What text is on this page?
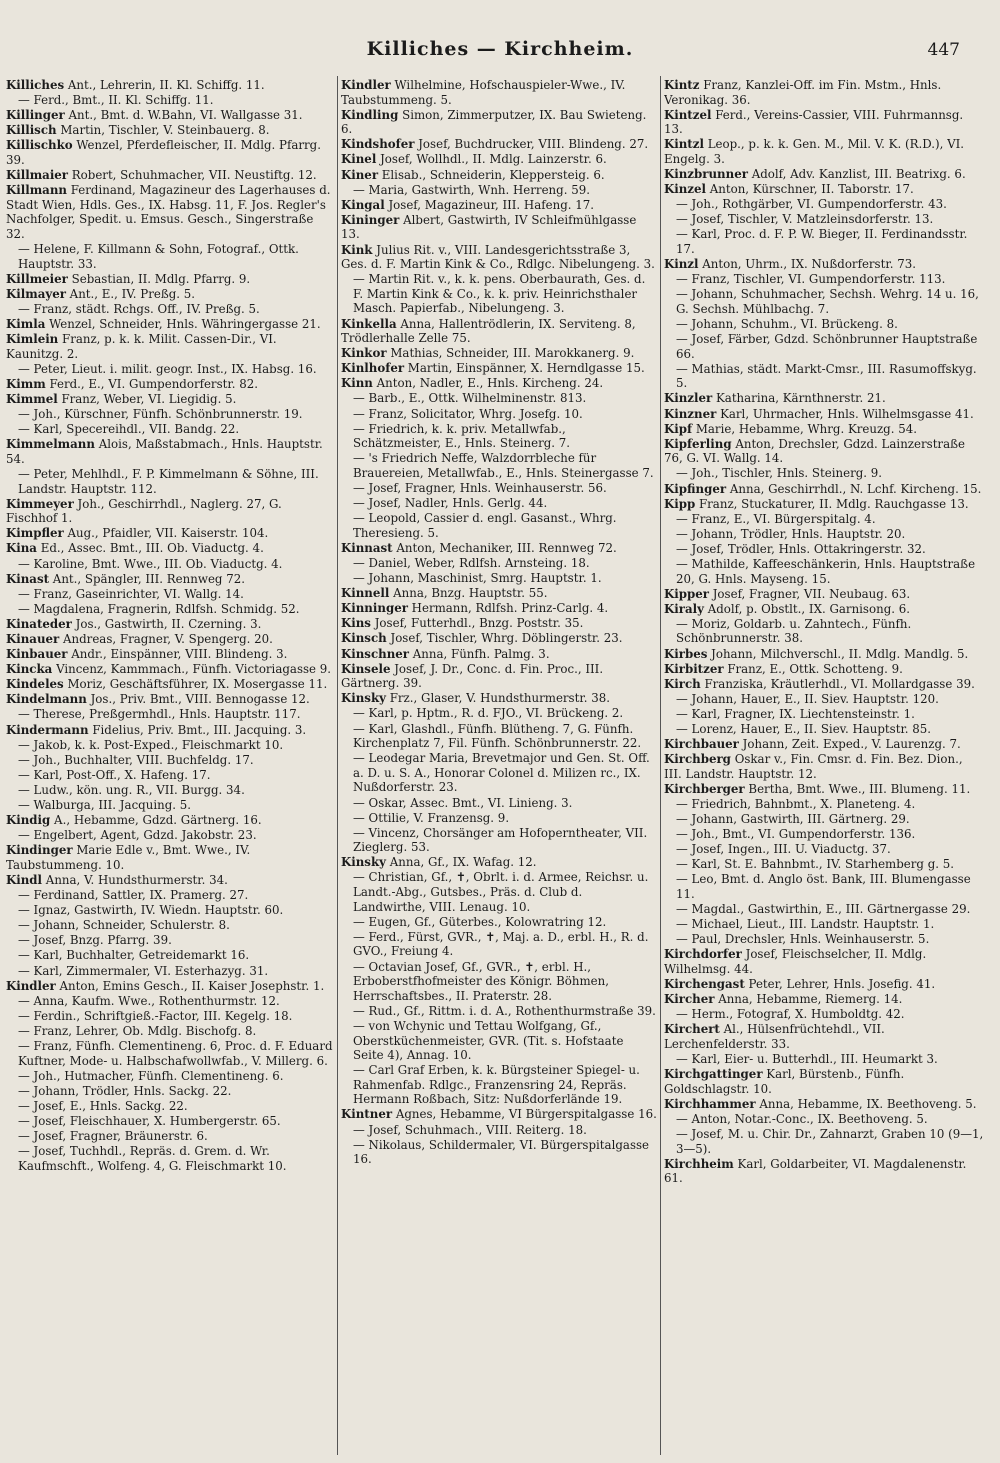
Killiches — Kirchheim.	447
Killiches Ant., Lehrerin, II. Kl. Schiffg. 11.
— Ferd., Bmt., II. Kl. Schiffg. 11.
Killinger Ant., Bmt. d. W.Bahn, VI. Wallgasse 31.
Killisch Martin, Tischler, V. Steinbauerg. 8.
Killischko Wenzel, Pferdefleischer, II. Mdlg. Pfarrg. 39.
Killmaier Robert, Schuhmacher, VII. Neustiftg. 12.
Killmann Ferdinand, Magazineur des Lagerhauses d. Stadt Wien, Hdls. Ges., IX. Habsg. 11, F. Jos. Regler's Nachfolger, Spedit. u. Emsus. Gesch., Singerstraße 32.
— Helene, F. Killmann & Sohn, Fotograf., Ottk. Hauptstr. 33.
Killmeier Sebastian, II. Mdlg. Pfarrg. 9.
Kilmayer Ant., E., IV. Preßg. 5.
— Franz, städt. Rchgs. Off., IV. Preßg. 5.
Kimla Wenzel, Schneider, Hnls. Währingergasse 21.
Kimlein Franz, p. k. k. Milit. Cassen-Dir., VI. Kaunitzg. 2.
— Peter, Lieut. i. milit. geogr. Inst., IX. Habsg. 16.
Kimm Ferd., E., VI. Gumpendorferstr. 82.
Kimmel Franz, Weber, VI. Liegidig. 5.
— Joh., Kürschner, Fünfh. Schönbrunnerstr. 19.
— Karl, Specereihdl., VII. Bandg. 22.
Kimmelmann Alois, Maßstabmach., Hnls. Hauptstr. 54.
— Peter, Mehlhdl., F. P. Kimmelmann & Söhne, III. Landstr. Hauptstr. 112.
Kimmeyer Joh., Geschirrhdl., Naglerg. 27, G. Fischhof 1.
Kimpfler Aug., Pfaidler, VII. Kaiserstr. 104.
Kina Ed., Assec. Bmt., III. Ob. Viaductg. 4.
— Karoline, Bmt. Wwe., III. Ob. Viaductg. 4.
Kinast Ant., Spängler, III. Rennweg 72.
— Franz, Gaseinrichter, VI. Wallg. 14.
— Magdalena, Fragnerin, Rdlfsh. Schmidg. 52.
Kinateder Jos., Gastwirth, II. Czerning. 3.
Kinauer Andreas, Fragner, V. Spengerg. 20.
Kinbauer Andr., Einspänner, VIII. Blindeng. 3.
Kincka Vincenz, Kammmach., Fünfh. Victoriagasse 9.
Kindeles Moriz, Geschäftsführer, IX. Mosergasse 11.
Kindelmann Jos., Priv. Bmt., VIII. Bennogasse 12.
— Therese, Preßgermhdl., Hnls. Hauptstr. 117.
Kindermann Fidelius, Priv. Bmt., III. Jacquing. 3.
— Jakob, k. k. Post-Exped., Fleischmarkt 10.
— Joh., Buchhalter, VIII. Buchfeldg. 17.
— Karl, Post-Off., X. Hafeng. 17.
— Ludw., kön. ung. R., VII. Burgg. 34.
— Walburga, III. Jacquing. 5.
Kindig A., Hebamme, Gdzd. Gärtnerg. 16.
— Engelbert, Agent, Gdzd. Jakobstr. 23.
Kindinger Marie Edle v., Bmt. Wwe., IV. Taubstummeng. 10.
Kindl Anna, V. Hundsthurmerstr. 34.
— Ferdinand, Sattler, IX. Pramerg. 27.
— Ignaz, Gastwirth, IV. Wiedn. Hauptstr. 60.
— Johann, Schneider, Schulerstr. 8.
— Josef, Bnzg. Pfarrg. 39.
— Karl, Buchhalter, Getreidemarkt 16.
— Karl, Zimmermaler, VI. Esterhazyg. 31.
Kindler Anton, Emins Gesch., II. Kaiser Josephstr. 1.
— Anna, Kaufm. Wwe., Rothenthurmstr. 12.
— Ferdin., Schriftgieß.-Factor, III. Kegelg. 18.
— Franz, Lehrer, Ob. Mdlg. Bischofg. 8.
— Franz, Fünfh. Clementineng. 6, Proc. d. F. Eduard Kuftner, Mode- u. Halbschafwollwfab., V. Millerg. 6.
— Joh., Hutmacher, Fünfh. Clementineng. 6.
— Johann, Trödler, Hnls. Sackg. 22.
— Josef, E., Hnls. Sackg. 22.
— Josef, Fleischhauer, X. Humbergerstr. 65.
— Josef, Fragner, Bräunerstr. 6.
— Josef, Tuchhdl., Repräs. d. Grem. d. Wr. Kaufmschft., Wolfeng. 4, G. Fleischmarkt 10.
Kindler Wilhelmine, Hofschauspieler-Wwe., IV. Taubstummeng. 5.
Kindling Simon, Zimmerputzer, IX. Bau Swieteng. 6.
Kindshofer Josef, Buchdrucker, VIII. Blindeng. 27.
Kinel Josef, Wollhdl., II. Mdlg. Lainzerstr. 6.
Kiner Elisab., Schneiderin, Kleppersteig. 6.
— Maria, Gastwirth, Wnh. Herreng. 59.
Kingal Josef, Magazineur, III. Hafeng. 17.
Kininger Albert, Gastwirth, IV Schleifmühlgasse 13.
Kink Julius Rit. v., VIII. Landesgerichtsstraße 3, Ges. d. F. Martin Kink & Co., Rdlgc. Nibelungeng. 3.
— Martin Rit. v., k. k. pens. Oberbaurath, Ges. d. F. Martin Kink & Co., k. k. priv. Heinrichsthaler Masch. Papierfab., Nibelungeng. 3.
Kinkella Anna, Hallentrödlerin, IX. Serviteng. 8, Trödlerhalle Zelle 75.
Kinkor Mathias, Schneider, III. Marokkanerg. 9.
Kinlhofer Martin, Einspänner, X. Herndlgasse 15.
Kinn Anton, Nadler, E., Hnls. Kircheng. 24.
— Barb., E., Ottk. Wilhelminenstr. 813.
— Franz, Solicitator, Whrg. Josefg. 10.
— Friedrich, k. k. priv. Metallwfab., Schätzmeister, E., Hnls. Steinerg. 7.
— 's Friedrich Neffe, Walzdorrbleche für Brauereien, Metallwfab., E., Hnls. Steinergasse 7.
— Josef, Fragner, Hnls. Weinhauserstr. 56.
— Josef, Nadler, Hnls. Gerlg. 44.
— Leopold, Cassier d. engl. Gasanst., Whrg. Theresieng. 5.
Kinnast Anton, Mechaniker, III. Rennweg 72.
— Daniel, Weber, Rdlfsh. Arnsteing. 18.
— Johann, Maschinist, Smrg. Hauptstr. 1.
Kinnell Anna, Bnzg. Hauptstr. 55.
Kinninger Hermann, Rdlfsh. Prinz-Carlg. 4.
Kins Josef, Futterhdl., Bnzg. Poststr. 35.
Kinsch Josef, Tischler, Whrg. Döblingerstr. 23.
Kinschner Anna, Fünfh. Palmg. 3.
Kinsele Josef, J. Dr., Conc. d. Fin. Proc., III. Gärtnerg. 39.
Kinsky Frz., Glaser, V. Hundsthurmerstr. 38.
— Karl, p. Hptm., R. d. FJO., VI. Brückeng. 2.
— Karl, Glashdl., Fünfh. Blütheng. 7, G. Fünfh. Kirchenplatz 7, Fil. Fünfh. Schönbrunnerstr. 22.
— Leodegar Maria, Brevetmajor und Gen. St. Off. a. D. u. S. A., Honorar Colonel d. Milizen rc., IX. Nußdorferstr. 23.
— Oskar, Assec. Bmt., VI. Linieng. 3.
— Ottilie, V. Franzensg. 9.
— Vincenz, Chorsänger am Hofoperntheater, VII. Zieglerg. 53.
Kinsky Anna, Gf., IX. Wafag. 12.
— Christian, Gf., ✝, Obrlt. i. d. Armee, Reichsr. u. Landt.-Abg., Gutsbes., Präs. d. Club d. Landwirthe, VIII. Lenaug. 10.
— Eugen, Gf., Güterbes., Kolowratring 12.
— Ferd., Fürst, GVR., ✝, Maj. a. D., erbl. H., R. d. GVO., Freiung 4.
— Octavian Josef, Gf., GVR., ✝, erbl. H., Erboberstfhofmeister des Königr. Böhmen, Herrschaftsbes., II. Praterstr. 28.
— Rud., Gf., Rittm. i. d. A., Rothenthurmstraße 39.
— von Wchynic und Tettau Wolfgang, Gf., Oberstküchenmeister, GVR. (Tit. s. Hofstaate Seite 4), Annag. 10.
— Carl Graf Erben, k. k. Bürgsteiner Spiegel- u. Rahmenfab. Rdlgc., Franzensring 24, Repräs. Hermann Roßbach, Sitz: Nußdorferlände 19.
Kintner Agnes, Hebamme, VI Bürgerspitalgasse 16.
— Josef, Schuhmach., VIII. Reiterg. 18.
— Nikolaus, Schildermaler, VI. Bürgerspitalgasse 16.
Kintz Franz, Kanzlei-Off. im Fin. Mstm., Hnls. Veronikag. 36.
Kintzel Ferd., Vereins-Cassier, VIII. Fuhrmannsg. 13.
Kintzl Leop., p. k. k. Gen. M., Mil. V. K. (R.D.), VI. Engelg. 3.
Kinzbrunner Adolf, Adv. Kanzlist, III. Beatrixg. 6.
Kinzel Anton, Kürschner, II. Taborstr. 17.
— Joh., Rothgärber, VI. Gumpendorferstr. 43.
— Josef, Tischler, V. Matzleinsdorferstr. 13.
— Karl, Proc. d. F. P. W. Bieger, II. Ferdinandsstr. 17.
Kinzl Anton, Uhrm., IX. Nußdorferstr. 73.
— Franz, Tischler, VI. Gumpendorferstr. 113.
— Johann, Schuhmacher, Sechsh. Wehrg. 14 u. 16, G. Sechsh. Mühlbachg. 7.
— Johann, Schuhm., VI. Brückeng. 8.
— Josef, Färber, Gdzd. Schönbrunner Hauptstraße 66.
— Mathias, städt. Markt-Cmsr., III. Rasumoffskyg. 5.
Kinzler Katharina, Kärnthnerstr. 21.
Kinzner Karl, Uhrmacher, Hnls. Wilhelmsgasse 41.
Kipf Marie, Hebamme, Whrg. Kreuzg. 54.
Kipferling Anton, Drechsler, Gdzd. Lainzerstraße 76, G. VI. Wallg. 14.
— Joh., Tischler, Hnls. Steinerg. 9.
Kipfinger Anna, Geschirrhdl., N. Lchf. Kircheng. 15.
Kipp Franz, Stuckaturer, II. Mdlg. Rauchgasse 13.
— Franz, E., VI. Bürgerspitalg. 4.
— Johann, Trödler, Hnls. Hauptstr. 20.
— Josef, Trödler, Hnls. Ottakringerstr. 32.
— Mathilde, Kaffeeschänkerin, Hnls. Hauptstraße 20, G. Hnls. Mayseng. 15.
Kipper Josef, Fragner, VII. Neubaug. 63.
Kiraly Adolf, p. Obstlt., IX. Garnisong. 6.
— Moriz, Goldarb. u. Zahntech., Fünfh. Schönbrunnerstr. 38.
Kirbes Johann, Milchverschl., II. Mdlg. Mandlg. 5.
Kirbitzer Franz, E., Ottk. Schotteng. 9.
Kirch Franziska, Kräutlerhdl., VI. Mollardgasse 39.
— Johann, Hauer, E., II. Siev. Hauptstr. 120.
— Karl, Fragner, IX. Liechtensteinstr. 1.
— Lorenz, Hauer, E., II. Siev. Hauptstr. 85.
Kirchbauer Johann, Zeit. Exped., V. Laurenzg. 7.
Kirchberg Oskar v., Fin. Cmsr. d. Fin. Bez. Dion., III. Landstr. Hauptstr. 12.
Kirchberger Bertha, Bmt. Wwe., III. Blumeng. 11.
— Friedrich, Bahnbmt., X. Planeteng. 4.
— Johann, Gastwirth, III. Gärtnerg. 29.
— Joh., Bmt., VI. Gumpendorferstr. 136.
— Josef, Ingen., III. U. Viaductg. 37.
— Karl, St. E. Bahnbmt., IV. Starhemberg g. 5.
— Leo, Bmt. d. Anglo öst. Bank, III. Blumengasse 11.
— Magdal., Gastwirthin, E., III. Gärtnergasse 29.
— Michael, Lieut., III. Landstr. Hauptstr. 1.
— Paul, Drechsler, Hnls. Weinhauserstr. 5.
Kirchdorfer Josef, Fleischselcher, II. Mdlg. Wilhelmsg. 44.
Kirchengast Peter, Lehrer, Hnls. Josefig. 41.
Kircher Anna, Hebamme, Riemerg. 14.
— Herm., Fotograf, X. Humboldtg. 42.
Kirchert Al., Hülsenfrüchtehdl., VII. Lerchenfelderstr. 33.
— Karl, Eier- u. Butterhdl., III. Heumarkt 3.
Kirchgattinger Karl, Bürstenb., Fünfh. Goldschlagstr. 10.
Kirchhammer Anna, Hebamme, IX. Beethoveng. 5.
— Anton, Notar.-Conc., IX. Beethoveng. 5.
— Josef, M. u. Chir. Dr., Zahnarzt, Graben 10 (9—1, 3—5).
Kirchheim Karl, Goldarbeiter, VI. Magdalenenstr. 61.
